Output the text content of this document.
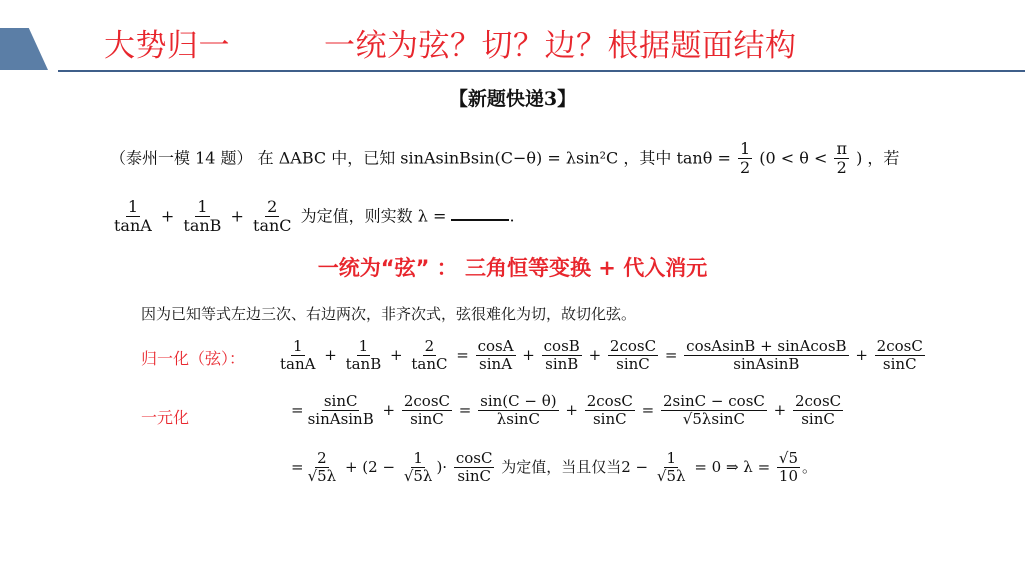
大势归一	一统为弦？切？边？根据题面结构
【新题快递3】
（泰州一模 14 题） 在 ΔABC 中，已知 sinAsinBsin(C−θ) = λsin²C ，其中 $\tan\theta = \frac{1}{2} (0 < \theta < \frac{\pi}{2}$ ) ，若
$\frac{1}{\tan A} + \frac{1}{\tan B} + \frac{2}{\tan C}$ 为定值，则实数 λ =	.
一统为“弦” ： 三角恒等变换 + 代入消元
因为已知等式左边三次、右边两次，非齐次式，弦很难化为切，故切化弦。
归一化（弦）：
一元化
$\frac{1}{\tan A} + \frac{1}{\tan B} + \frac{2}{\tan C} = \frac{\cos A}{\sin A} + \frac{\cos B}{\sin B} + \frac{2\cos C}{\sin C} = \frac{\text{cosAsinB + sinAcosB}}{\text{sinAsinB}} + \frac{2\cos C}{\sin C}$
= $\frac{\sin C}{\text{sinAsinB}} + \frac{2\cos C}{\sin C} = \frac{\sin(C - \theta)}{\lambda\sin C} + \frac{2\cos C}{\sin C} = \frac{2\sin C - \cos C}{√5\lambda\sin C} + \frac{2\cos C}{\sin C}$
= $\frac{2}{√5\lambda} + (2 - \frac{1}{√5\lambda}$ )· $\frac{\cos C}{\sin C}$ 为定值，当且仅当$2 - \frac{1}{√5\lambda} = 0$ ⇒ $\lambda = \frac{√5}{10}$ 。
